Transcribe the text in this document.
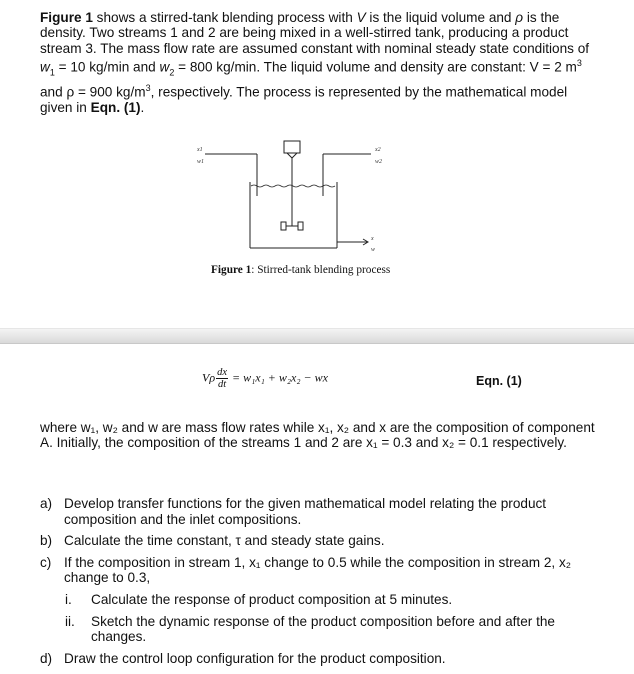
Figure 1 shows a stirred-tank blending process with V is the liquid volume and ρ is the density. Two streams 1 and 2 are being mixed in a well-stirred tank, producing a product stream 3. The mass flow rate are assumed constant with nominal steady state conditions of $w_1 = 10$ kg/min and $w_2 = 800$ kg/min. The liquid volume and density are constant: V = 2 $m^3$ and ρ = 900 $kg/m^3$, respectively. The process is represented by the mathematical model given in Eqn. (1).
x1
w1
x2
w2
x
w
Figure 1: Stirred-tank blending process
Vρ $\frac{dx}{dt} = w_1x_1 + w_2x_2$ − wx	Eqn. (1)
where w₁, w₂ and w are mass flow rates while x₁, x₂ and x are the composition of component A. Initially, the composition of the streams 1 and 2 are x₁ = 0.3 and x₂ = 0.1 respectively.
a) Develop transfer functions for the given mathematical model relating the product composition and the inlet compositions.
b) Calculate the time constant, τ and steady state gains.
c) If the composition in stream 1, x₁ change to 0.5 while the composition in stream 2, x₂ change to 0.3,
i. Calculate the response of product composition at 5 minutes.
ii. Sketch the dynamic response of the product composition before and after the changes.
d) Draw the control loop configuration for the product composition.
